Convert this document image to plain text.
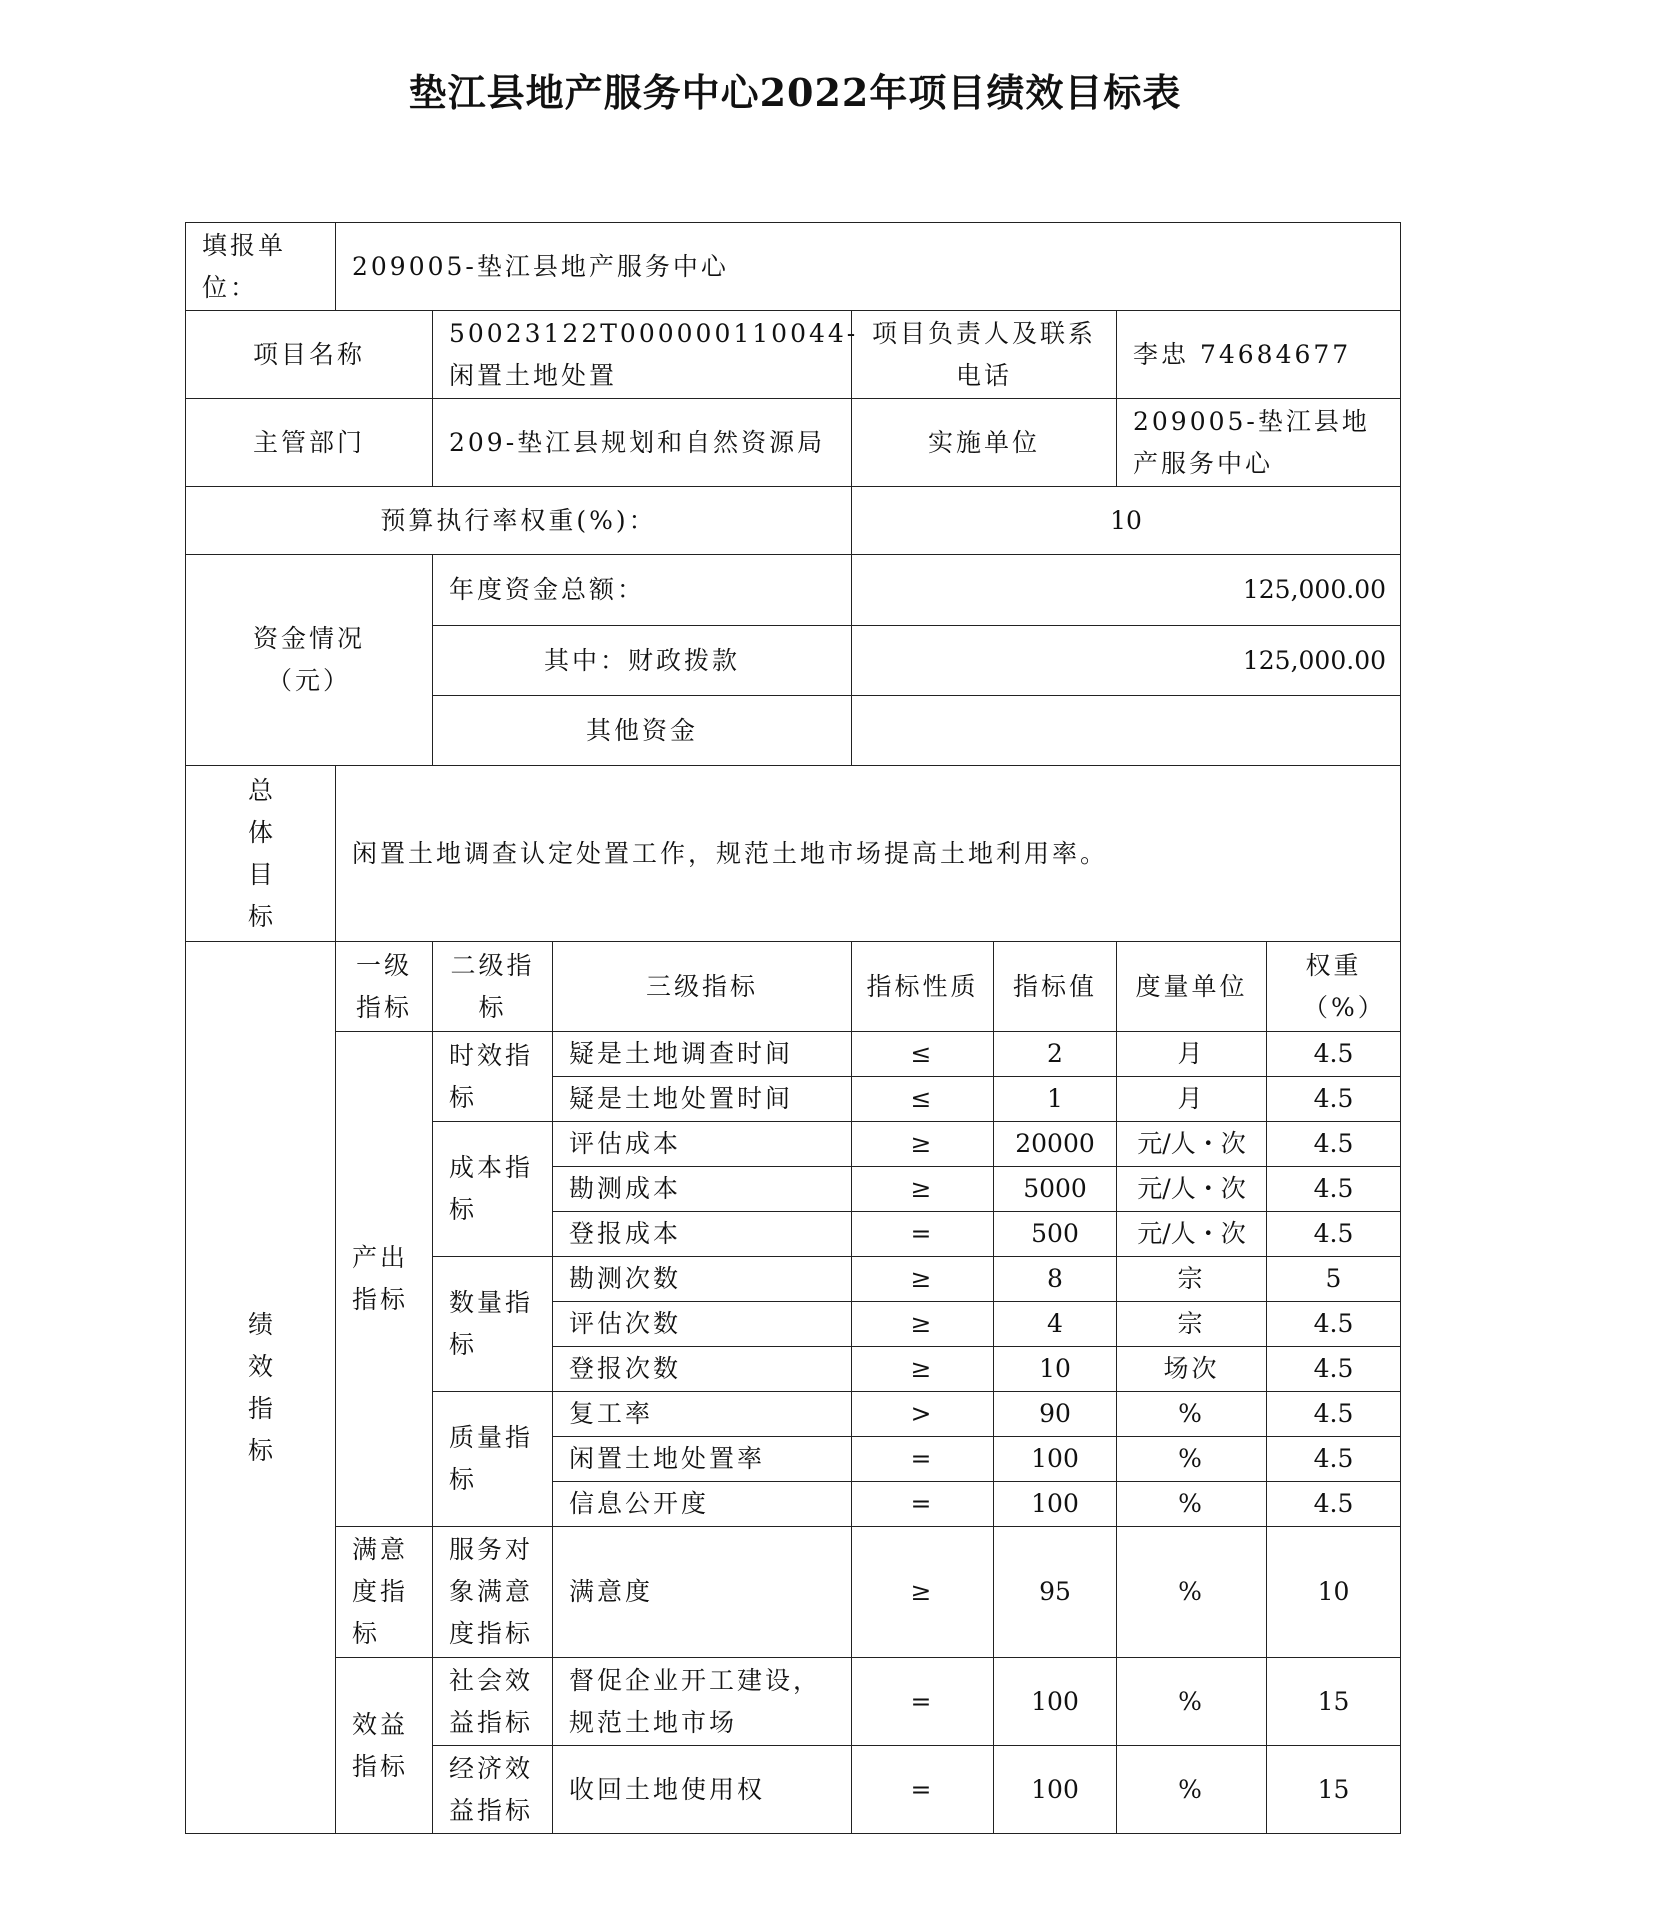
垫江县地产服务中心2022年项目绩效目标表
填报单位：	209005-垫江县地产服务中心						
项目名称		50023122T000000110044-闲置土地处置		项目负责人及联系电话		李忠 74684677	
主管部门		209-垫江县规划和自然资源局		实施单位		209005-垫江县地产服务中心	
预算执行率权重(%)：				10			
资金情况（元）		年度资金总额：		125,000.00			
		其中：财政拨款		125,000.00			
		其他资金					
总体目标	闲置土地调查认定处置工作，规范土地市场提高土地利用率。						
绩效指标	一级指标	二级指标	三级指标	指标性质	指标值	度量单位	权重（%）
	产出指标	时效指标	疑是土地调查时间	≤	2	月	4.5
			疑是土地处置时间	≤	1	月	4.5
		成本指标	评估成本	≥	20000	元/人・次	4.5
			勘测成本	≥	5000	元/人・次	4.5
			登报成本	=	500	元/人・次	4.5
		数量指标	勘测次数	≥	8	宗	5
			评估次数	≥	4	宗	4.5
			登报次数	≥	10	场次	4.5
		质量指标	复工率	>	90	%	4.5
			闲置土地处置率	=	100	%	4.5
			信息公开度	=	100	%	4.5
	满意度指标	服务对象满意度指标	满意度	≥	95	%	10
	效益指标	社会效益指标	督促企业开工建设，规范土地市场	=	100	%	15
		经济效益指标	收回土地使用权	=	100	%	15
